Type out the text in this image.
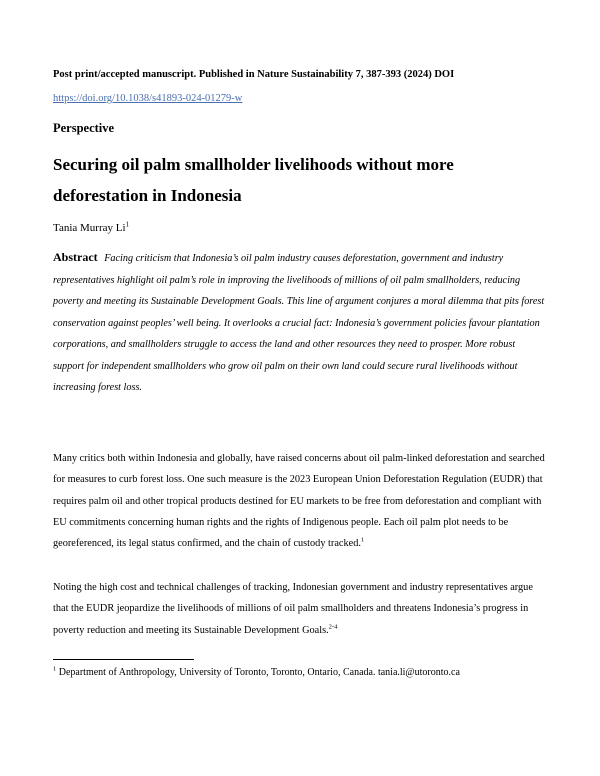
Post print/accepted manuscript. Published in Nature Sustainability 7, 387-393 (2024) DOI
https://doi.org/10.1038/s41893-024-01279-w
Perspective
Securing oil palm smallholder livelihoods without more deforestation in Indonesia
Tania Murray Li$^1$
Abstract Facing criticism that Indonesia’s oil palm industry causes deforestation, government and industry representatives highlight oil palm’s role in improving the livelihoods of millions of oil palm smallholders, reducing poverty and meeting its Sustainable Development Goals. This line of argument conjures a moral dilemma that pits forest conservation against peoples’ well being. It overlooks a crucial fact: Indonesia’s government policies favour plantation corporations, and smallholders struggle to access the land and other resources they need to prosper. More robust support for independent smallholders who grow oil palm on their own land could secure rural livelihoods without increasing forest loss.
Many critics both within Indonesia and globally, have raised concerns about oil palm-linked deforestation and searched for measures to curb forest loss. One such measure is the 2023 European Union Deforestation Regulation (EUDR) that requires palm oil and other tropical products destined for EU markets to be free from deforestation and compliant with EU commitments concerning human rights and the rights of Indigenous people. Each oil palm plot needs to be georeferenced, its legal status confirmed, and the chain of custody tracked.$^1$
Noting the high cost and technical challenges of tracking, Indonesian government and industry representatives argue that the EUDR jeopardize the livelihoods of millions of oil palm smallholders and threatens Indonesia’s progress in poverty reduction and meeting its Sustainable Development Goals.$^{2-4}$
$^1$ Department of Anthropology, University of Toronto, Toronto, Ontario, Canada. tania.li@utoronto.ca
